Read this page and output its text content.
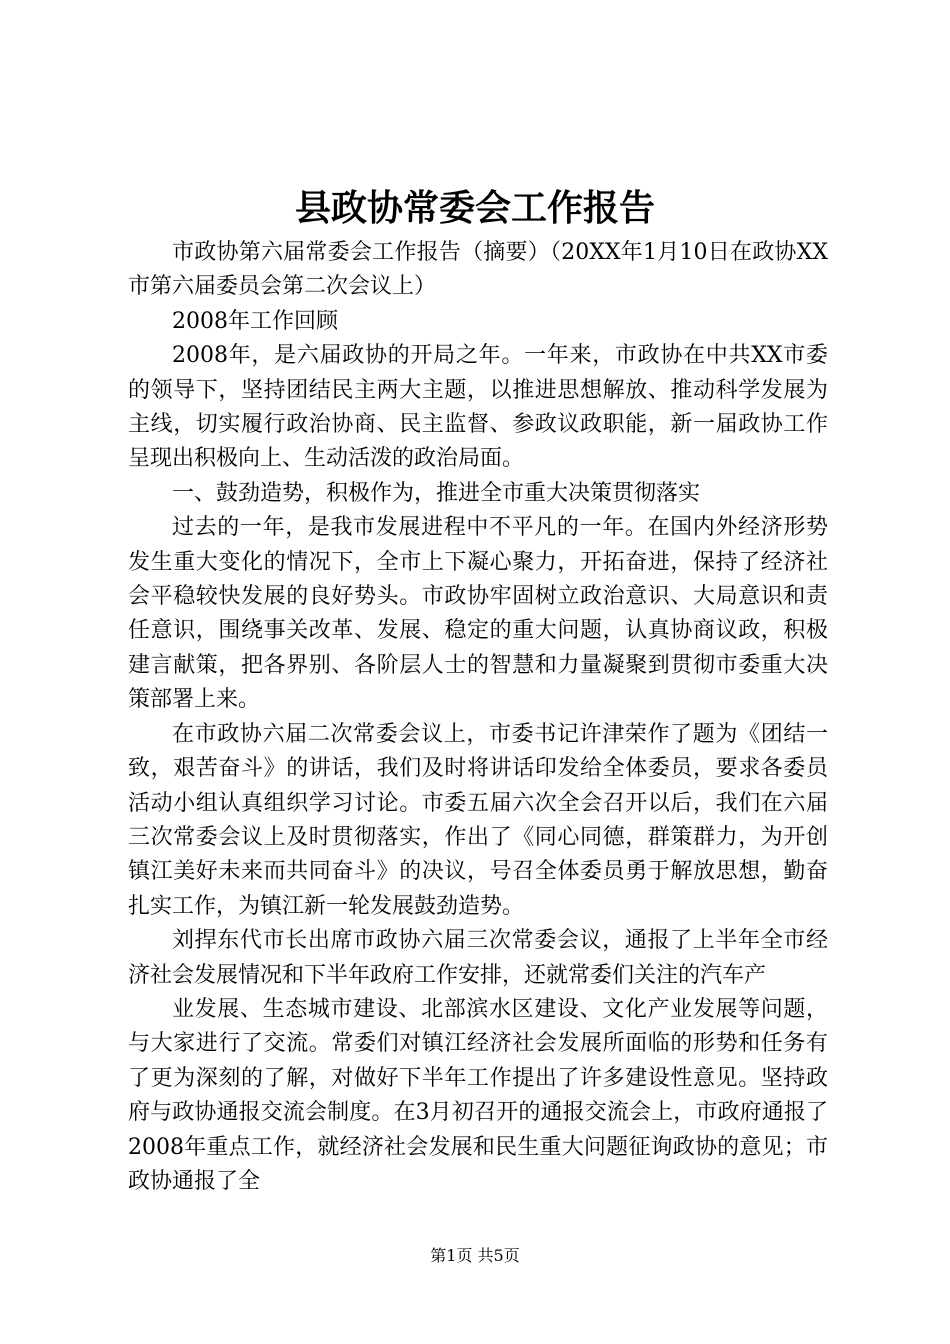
县政协常委会工作报告

市政协第六届常委会工作报告（摘要）（20XX年1月10日在政协XX市第六届委员会第二次会议上）

2008年工作回顾

2008年，是六届政协的开局之年。一年来，市政协在中共XX市委的领导下，坚持团结民主两大主题，以推进思想解放、推动科学发展为主线，切实履行政治协商、民主监督、参政议政职能，新一届政协工作呈现出积极向上、生动活泼的政治局面。

一、鼓劲造势，积极作为，推进全市重大决策贯彻落实

过去的一年，是我市发展进程中不平凡的一年。在国内外经济形势发生重大变化的情况下，全市上下凝心聚力，开拓奋进，保持了经济社会平稳较快发展的良好势头。市政协牢固树立政治意识、大局意识和责任意识，围绕事关改革、发展、稳定的重大问题，认真协商议政，积极建言献策，把各界别、各阶层人士的智慧和力量凝聚到贯彻市委重大决策部署上来。

在市政协六届二次常委会议上，市委书记许津荣作了题为《团结一致，艰苦奋斗》的讲话，我们及时将讲话印发给全体委员，要求各委员活动小组认真组织学习讨论。市委五届六次全会召开以后，我们在六届三次常委会议上及时贯彻落实，作出了《同心同德，群策群力，为开创镇江美好未来而共同奋斗》的决议，号召全体委员勇于解放思想，勤奋扎实工作，为镇江新一轮发展鼓劲造势。

刘捍东代市长出席市政协六届三次常委会议，通报了上半年全市经济社会发展情况和下半年政府工作安排，还就常委们关注的汽车产

业发展、生态城市建设、北部滨水区建设、文化产业发展等问题，与大家进行了交流。常委们对镇江经济社会发展所面临的形势和任务有了更为深刻的了解，对做好下半年工作提出了许多建设性意见。坚持政府与政协通报交流会制度。在3月初召开的通报交流会上，市政府通报了2008年重点工作，就经济社会发展和民生重大问题征询政协的意见；市政协通报了全

第1页 共5页
